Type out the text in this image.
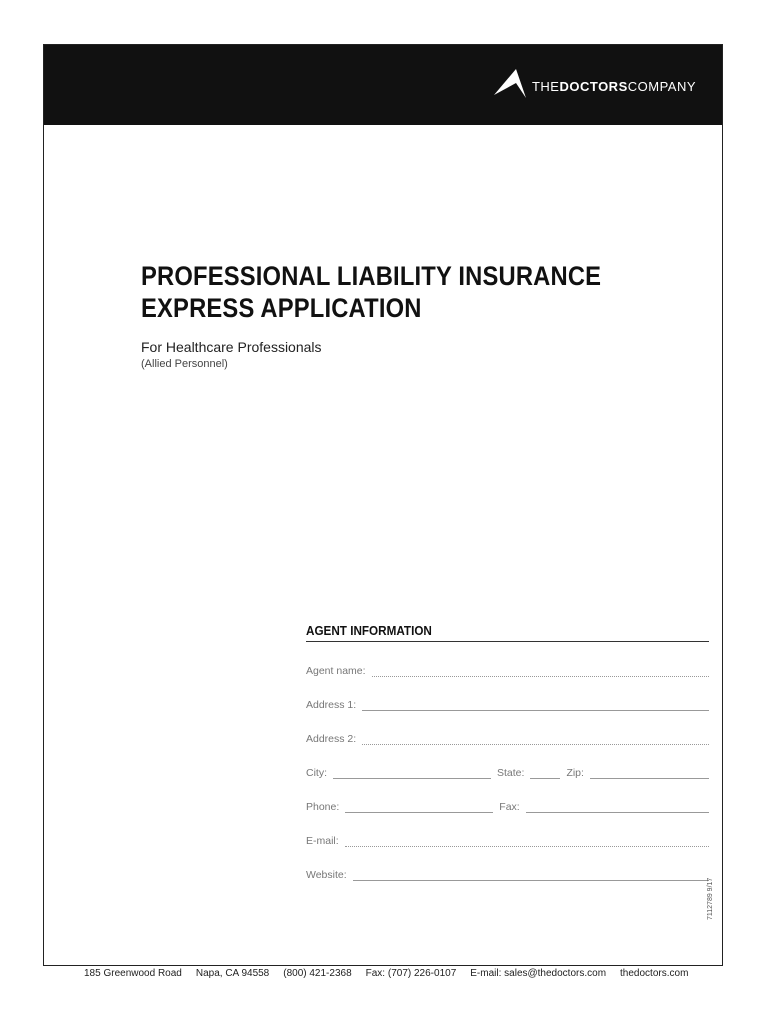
THEDOCTORSCOMPANY
PROFESSIONAL LIABILITY INSURANCE
EXPRESS APPLICATION
For Healthcare Professionals
(Allied Personnel)
AGENT INFORMATION
Agent name:
Address 1:
Address 2:
City:	State:	Zip:
Phone:	Fax:
E-mail:
Website:
7112789 9/17
185 Greenwood Road Napa, CA 94558 (800) 421-2368 Fax: (707) 226-0107 E-mail: sales@thedoctors.com thedoctors.com
